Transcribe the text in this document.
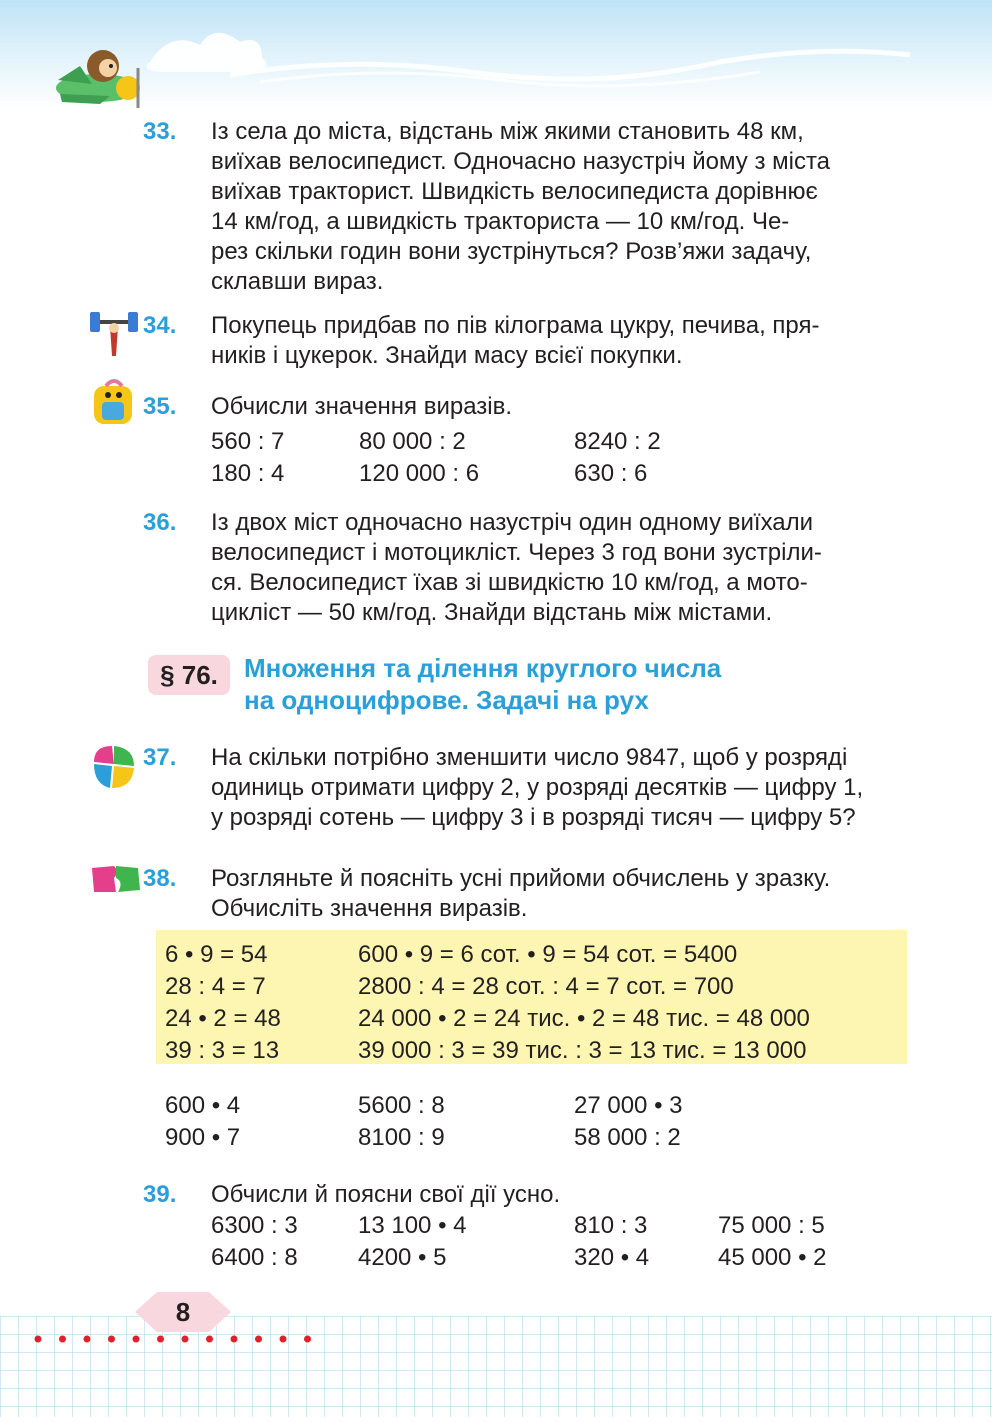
33. Із села до міста, відстань між якими становить 48 км,

виїхав велосипедист. Одночасно назустріч йому з міста

виїхав тракторист. Швидкість велосипедиста дорівнює

14 км/год, а швидкість тракториста — 10 км/год. Че-

рез скільки годин вони зустрінуться? Розв’яжи задачу,

склавши вираз.

34. Покупець придбав по пів кілограма цукру, печива, пря-

ників і цукерок. Знайди масу всієї покупки.

35. Обчисли значення виразів.

560 : 7	80 000 : 2	8240 : 2
180 : 4	120 000 : 6	630 : 6
36. Із двох міст одночасно назустріч один одному виїхали

велосипедист і мотоцикліст. Через 3 год вони зустріли-

ся. Велосипедист їхав зі швидкістю 10 км/год, а мото-

цикліст — 50 км/год. Знайди відстань між містами.

§ 76.	Множення та ділення круглого числа
на одноцифрове. Задачі на рух
37. На скільки потрібно зменшити число 9847, щоб у розряді

одиниць отримати цифру 2, у розряді десятків — цифру 1,

у розряді сотень — цифру 3 і в розряді тисяч — цифру 5?

38. Розгляньте й поясніть усні прийоми обчислень у зразку.

Обчисліть значення виразів.

6 • 9 = 54	600 • 9 = 6 сот. • 9 = 54 сот. = 5400
28 : 4 = 7	2800 : 4 = 28 сот. : 4 = 7 сот. = 700
24 • 2 = 48	24 000 • 2 = 24 тис. • 2 = 48 тис. = 48 000
39 : 3 = 13	39 000 : 3 = 39 тис. : 3 = 13 тис. = 13 000
600 • 4	5600 : 8	27 000 • 3
900 • 7	8100 : 9	58 000 : 2
39. Обчисли й поясни свої дії усно.

6300 : 3	13 100 • 4	810 : 3	75 000 : 5
6400 : 8	4200 • 5	320 • 4	45 000 • 2
8
